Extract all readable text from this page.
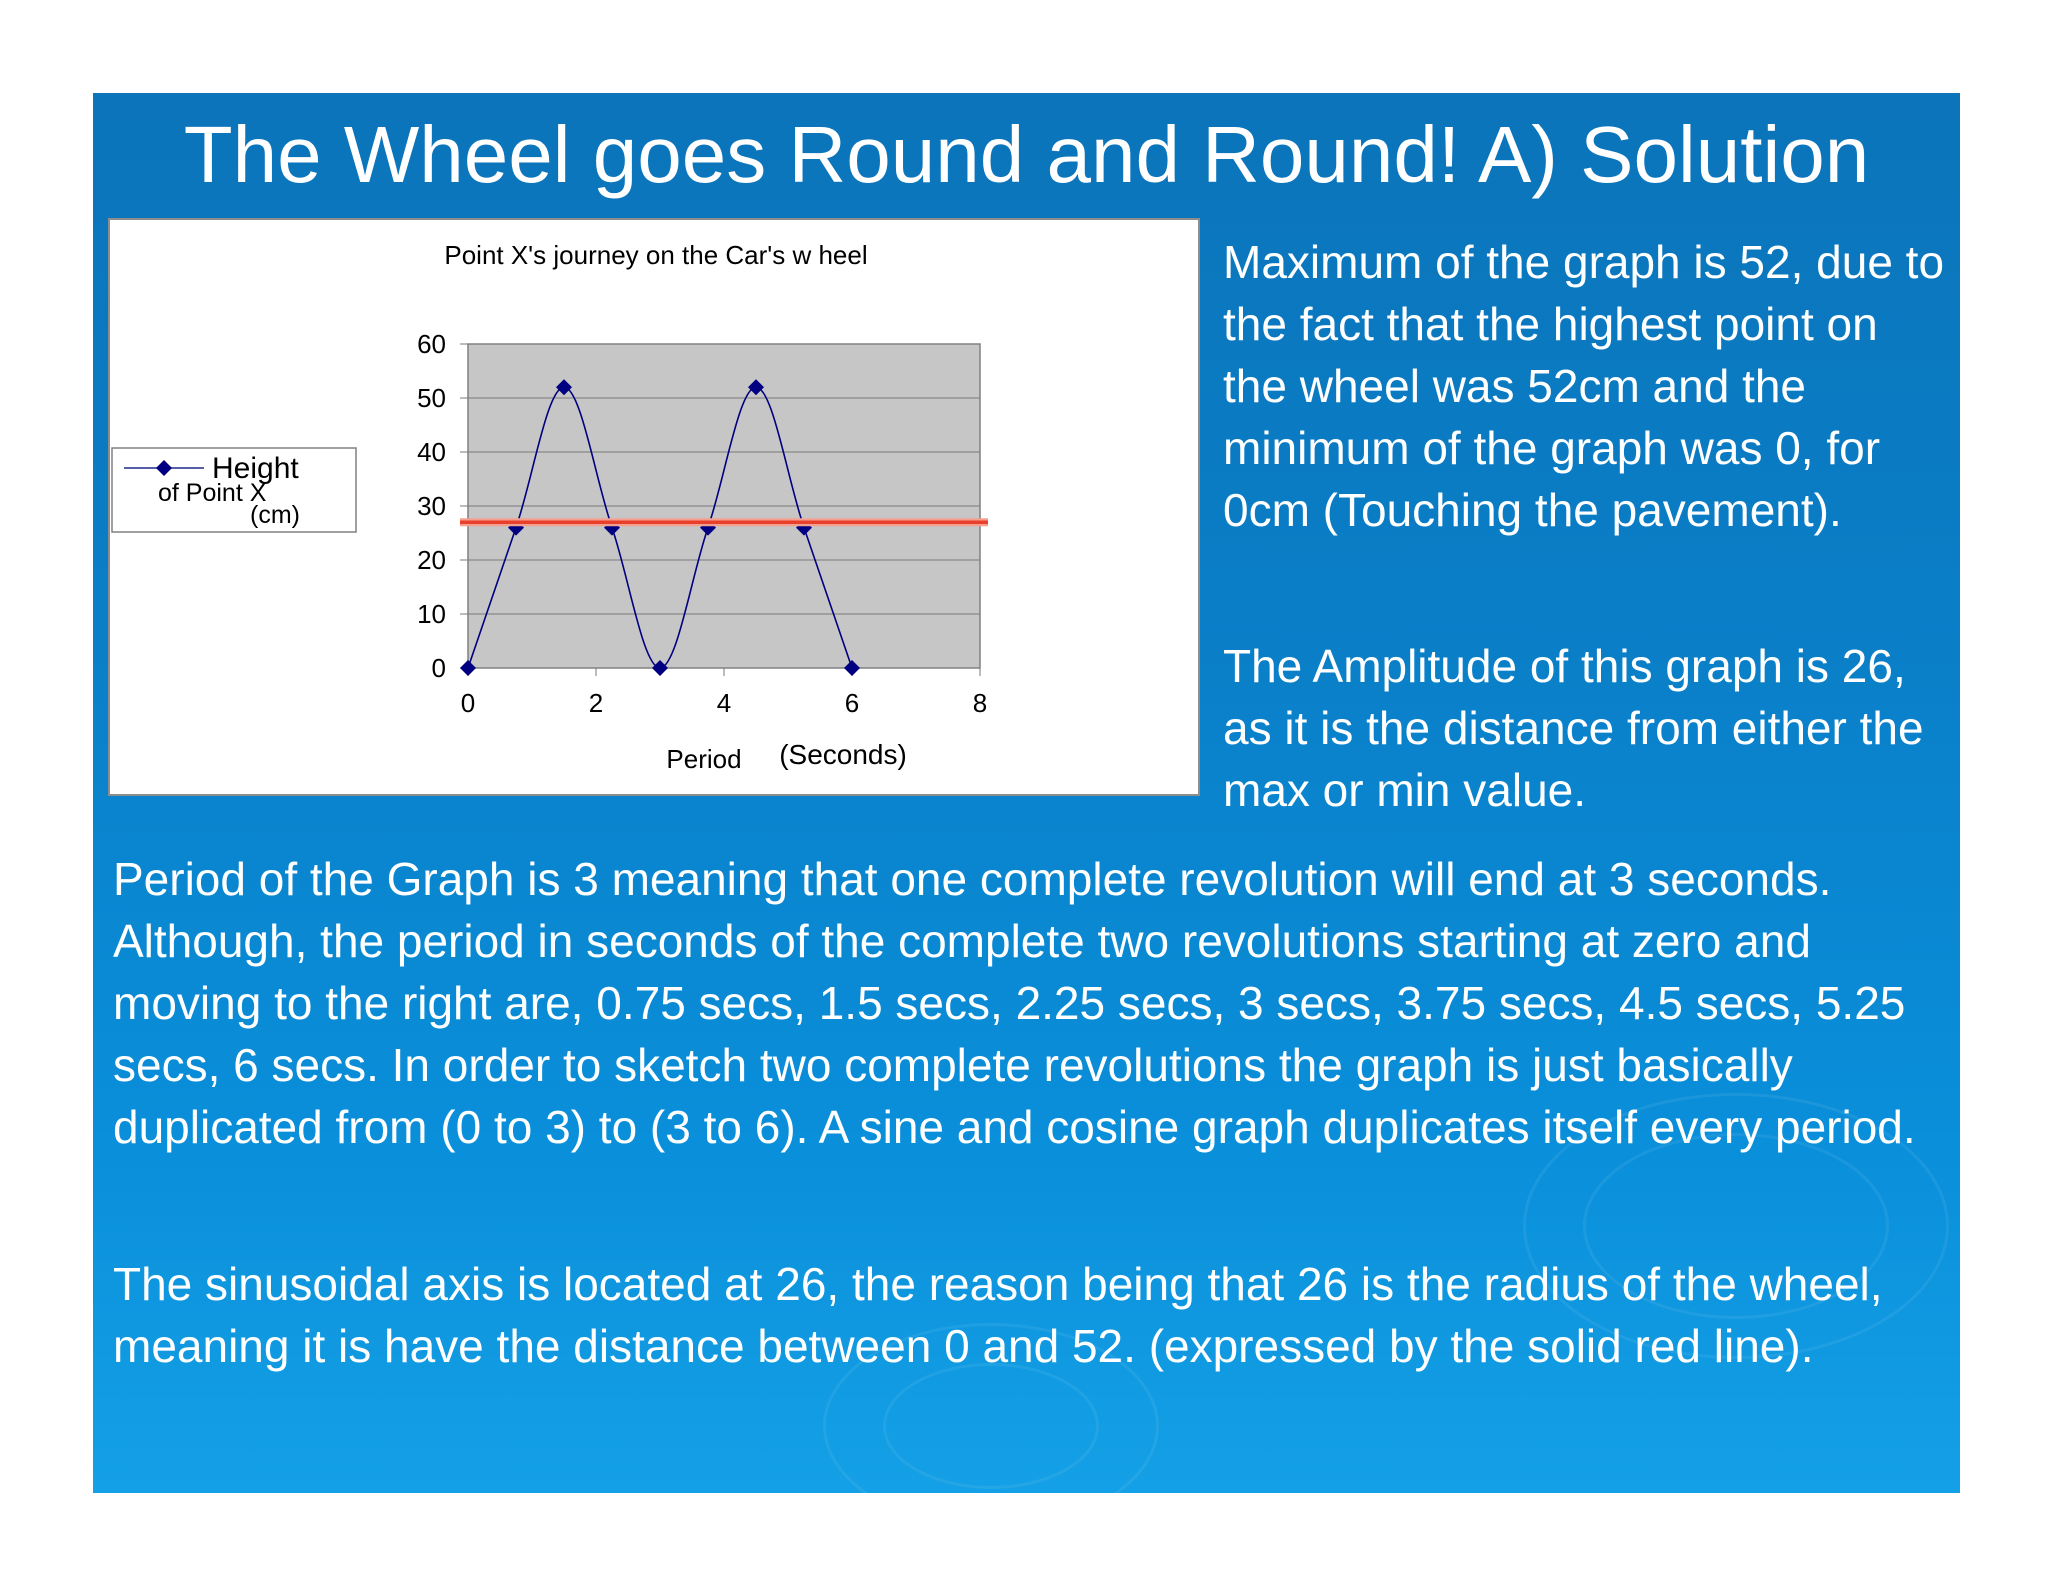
The Wheel goes Round and Round! A) Solution
Point X's journey on the Car's w heel
0
10
20
30
40
50
60
0	2	4	6	8
Period (Seconds)
Height
of Point X
(cm)

Maximum of the graph is 52, due to the fact that the highest point on the wheel was 52cm and the minimum of the graph was 0, for 0cm (Touching the pavement).

The Amplitude of this graph is 26, as it is the distance from either the max or min value.

Period of the Graph is 3 meaning that one complete revolution will end at 3 seconds. Although, the period in seconds of the complete two revolutions starting at zero and moving to the right are, 0.75 secs, 1.5 secs, 2.25 secs, 3 secs, 3.75 secs, 4.5 secs, 5.25 secs, 6 secs. In order to sketch two complete revolutions the graph is just basically duplicated from (0 to 3) to (3 to 6). A sine and cosine graph duplicates itself every period.

The sinusoidal axis is located at 26, the reason being that 26 is the radius of the wheel, meaning it is have the distance between 0 and 52. (expressed by the solid red line).
